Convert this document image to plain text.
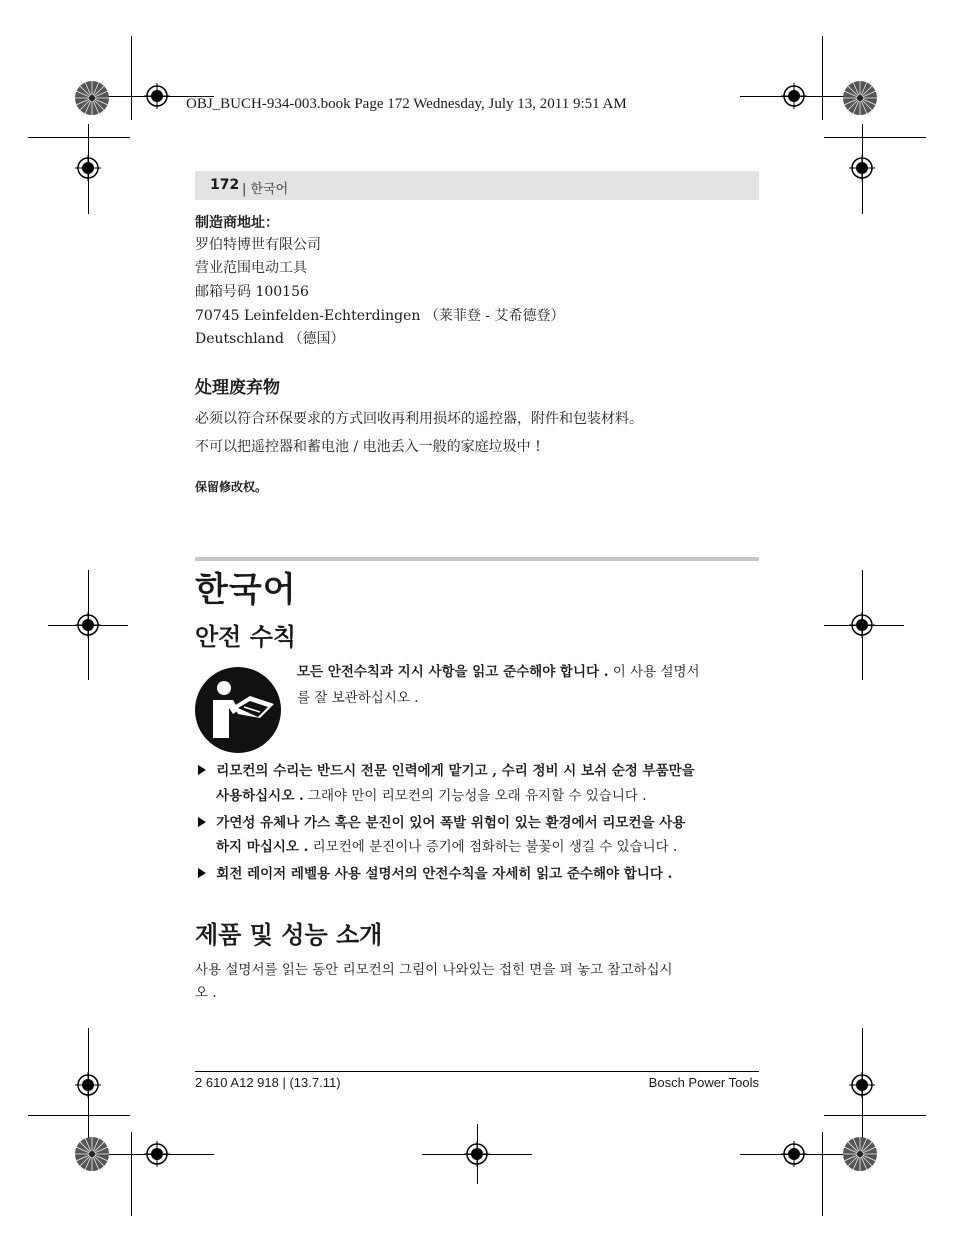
OBJ_BUCH-934-003.book Page 172 Wednesday, July 13, 2011 9:51 AM
172 | 한국어
制造商地址：
罗伯特博世有限公司
营业范围电动工具
邮箱号码 100156
70745 Leinfelden-Echterdingen （莱菲登 - 艾希德登）
Deutschland （德国）
处理废弃物
必须以符合环保要求的方式回收再利用损坏的遥控器，附件和包装材料。
不可以把遥控器和蓄电池 / 电池丢入一般的家庭垃圾中 !
保留修改权。
한국어
안전 수칙
모든 안전수칙과 지시 사항을 읽고 준수해야 합니다 . 이 사용 설명서
를 잘 보관하십시오 .
리모컨의 수리는 반드시 전문 인력에게 맡기고 , 수리 정비 시 보쉬 순정 부품만을
사용하십시오 . 그래야 만이 리모컨의 기능성을 오래 유지할 수 있습니다 .
가연성 유체나 가스 혹은 분진이 있어 폭발 위험이 있는 환경에서 리모컨을 사용
하지 마십시오 . 리모컨에 분진이나 증기에 점화하는 불꽃이 생길 수 있습니다 .
회전 레이저 레벨용 사용 설명서의 안전수칙을 자세히 읽고 준수해야 합니다 .
제품 및 성능 소개
사용 설명서를 읽는 동안 리모컨의 그림이 나와있는 접힌 면을 펴 놓고 참고하십시
오 .
2 610 A12 918 | (13.7.11)	Bosch Power Tools
